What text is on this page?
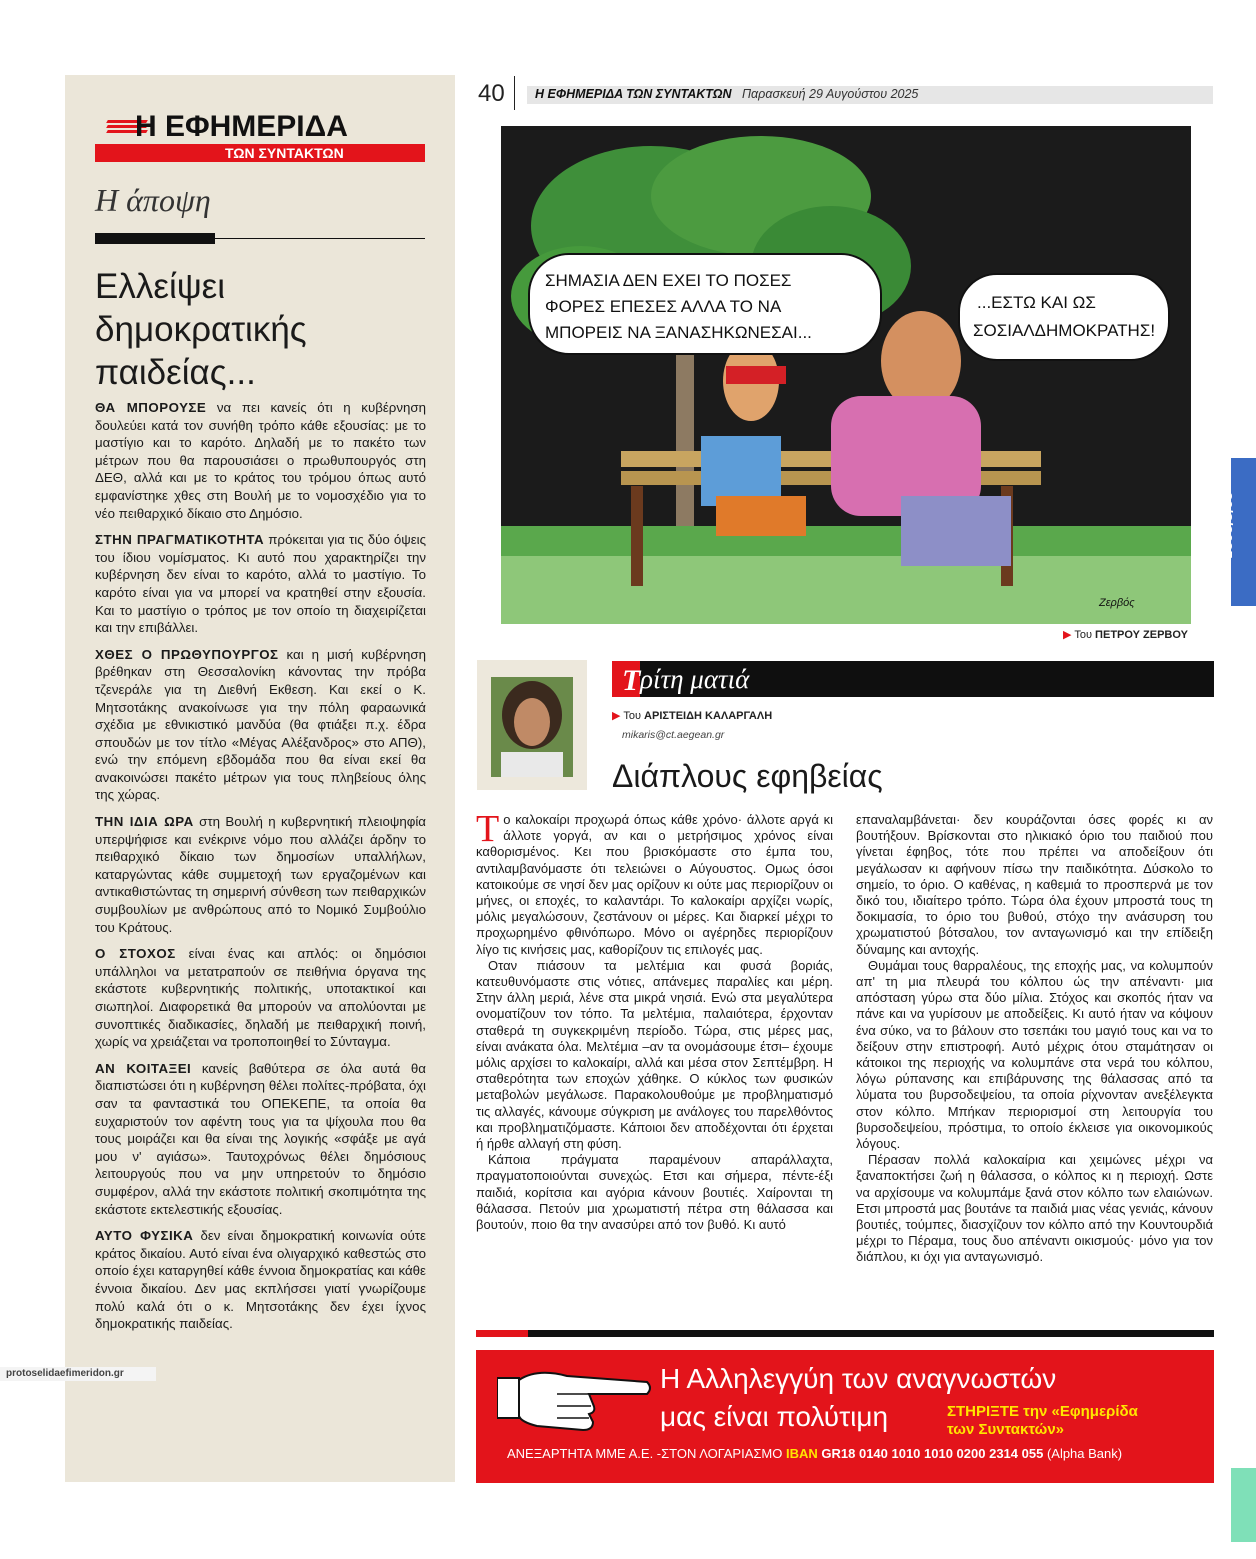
Η ΕΦΗΜΕΡΙΔΑ
ΤΩΝ ΣΥΝΤΑΚΤΩΝ
Η άποψη
Ελλείψει δημοκρατικής παιδείας...

ΘΑ ΜΠΟΡΟΥΣΕ να πει κανείς ότι η κυβέρνηση δουλεύει κατά τον συνήθη τρόπο κάθε εξουσίας: με το μαστίγιο και το καρότο. Δηλαδή με το πακέτο των μέτρων που θα παρουσιάσει ο πρωθυπουργός στη ΔΕΘ, αλλά και με το κράτος του τρόμου όπως αυτό εμφανίστηκε χθες στη Βουλή με το νομοσχέδιο για το νέο πειθαρχικό δίκαιο στο Δημόσιο.

ΣΤΗΝ ΠΡΑΓΜΑΤΙΚΟΤΗΤΑ πρόκειται για τις δύο όψεις του ίδιου νομίσματος. Κι αυτό που χαρακτηρίζει την κυβέρνηση δεν είναι το καρότο, αλλά το μαστίγιο. Το καρότο είναι για να μπορεί να κρατηθεί στην εξουσία. Και το μαστίγιο ο τρόπος με τον οποίο τη διαχειρίζεται και την επιβάλλει.

ΧΘΕΣ Ο ΠΡΩΘΥΠΟΥΡΓΟΣ και η μισή κυβέρνηση βρέθηκαν στη Θεσσαλονίκη κάνοντας την πρόβα τζενεράλε για τη Διεθνή Εκθεση. Και εκεί ο Κ. Μητσοτάκης ανακοίνωσε για την πόλη φαραωνικά σχέδια με εθνικιστικό μανδύα (θα φτιάξει π.χ. έδρα σπουδών με τον τίτλο «Μέγας Αλέξανδρος» στο ΑΠΘ), ενώ την επόμενη εβδομάδα που θα είναι εκεί θα ανακοινώσει πακέτο μέτρων για τους πληβείους όλης της χώρας.

ΤΗΝ ΙΔΙΑ ΩΡΑ στη Βουλή η κυβερνητική πλειοψηφία υπερψήφισε και ενέκρινε νόμο που αλλάζει άρδην το πειθαρχικό δίκαιο των δημοσίων υπαλλήλων, καταργώντας κάθε συμμετοχή των εργαζομένων και αντικαθιστώντας τη σημερινή σύνθεση των πειθαρχικών συμβουλίων με ανθρώπους από το Νομικό Συμβούλιο του Κράτους.

Ο ΣΤΟΧΟΣ είναι ένας και απλός: οι δημόσιοι υπάλληλοι να μετατραπούν σε πειθήνια όργανα της εκάστοτε κυβερνητικής πολιτικής, υποτακτικοί και σιωπηλοί. Διαφορετικά θα μπορούν να απολύονται με συνοπτικές διαδικασίες, δηλαδή με πειθαρχική ποινή, χωρίς να χρειάζεται να τροποποιηθεί το Σύνταγμα.

ΑΝ ΚΟΙΤΑΞΕΙ κανείς βαθύτερα σε όλα αυτά θα διαπιστώσει ότι η κυβέρνηση θέλει πολίτες-πρόβατα, όχι σαν τα φανταστικά του ΟΠΕΚΕΠΕ, τα οποία θα ευχαριστούν τον αφέντη τους για τα ψίχουλα που θα τους μοιράζει και θα είναι της λογικής «σφάξε με αγά μου ν' αγιάσω». Ταυτοχρόνως θέλει δημόσιους λειτουργούς που να μην υπηρετούν το δημόσιο συμφέρον, αλλά την εκάστοτε πολιτική σκοπιμότητα της εκάστοτε εκτελεστικής εξουσίας.

ΑΥΤΟ ΦΥΣΙΚΑ δεν είναι δημοκρατική κοινωνία ούτε κράτος δικαίου. Αυτό είναι ένα ολιγαρχικό καθεστώς στο οποίο έχει καταργηθεί κάθε έννοια δημοκρατίας και κάθε έννοια δικαίου. Δεν μας εκπλήσσει γιατί γνωρίζουμε πολύ καλά ότι ο κ. Μητσοτάκης δεν έχει ίχνος δημοκρατικής παιδείας.

protoselidaefimeridon.gr
40 Η ΕΦΗΜΕΡΙΔΑ ΤΩΝ ΣΥΝΤΑΚΤΩΝ Παρασκευή 29 Αυγούστου 2025
ΣΗΜΑΣΙΑ ΔΕΝ ΕΧΕΙ ΤΟ ΠΟΣΕΣ
ΦΟΡΕΣ ΕΠΕΣΕΣ ΑΛΛΑ ΤΟ ΝΑ
ΜΠΟΡΕΙΣ ΝΑ ΞΑΝΑΣΗΚΩΝΕΣΑΙ...
...ΕΣΤΩ ΚΑΙ ΩΣ
ΣΟΣΙΑΛΔΗΜΟΚΡΑΤΗΣ!
Ζερβός
▶ Του ΠΕΤΡΟΥ ΖΕΡΒΟΥ
29/8/2025
Τ ρίτη ματιά
▶ Του ΑΡΙΣΤΕΙΔΗ ΚΑΛΑΡΓΑΛΗ
mikaris@ct.aegean.gr
Διάπλους εφηβείας

Το καλοκαίρι προχωρά όπως κάθε χρόνο· άλλοτε αργά κι άλλοτε γοργά, αν και ο μετρήσιμος χρόνος είναι καθορισμένος. Κει που βρισκόμαστε στο έμπα του, αντιλαμβανόμαστε ότι τελειώνει ο Αύγουστος. Ομως όσοι κατοικούμε σε νησί δεν μας ορίζουν κι ούτε μας περιορίζουν οι μήνες, οι εποχές, το καλαντάρι. Το καλοκαίρι αρχίζει νωρίς, μόλις μεγαλώσουν, ζεστάνουν οι μέρες. Και διαρκεί μέχρι το προχωρημένο φθινόπωρο. Μόνο οι αγέρηδες περιορίζουν λίγο τις κινήσεις μας, καθορίζουν τις επιλογές μας.

Οταν πιάσουν τα μελτέμια και φυσά βοριάς, κατευθυνόμαστε στις νότιες, απάνεμες παραλίες και μέρη. Στην άλλη μεριά, λένε στα μικρά νησιά. Ενώ στα μεγαλύτερα ονοματίζουν τον τόπο. Τα μελτέμια, παλαιότερα, έρχονταν σταθερά τη συγκεκριμένη περίοδο. Τώρα, στις μέρες μας, είναι ανάκατα όλα. Μελτέμια –αν τα ονομάσουμε έτσι– έχουμε μόλις αρχίσει το καλοκαίρι, αλλά και μέσα στον Σεπτέμβρη. Η σταθερότητα των εποχών χάθηκε. Ο κύκλος των φυσικών μεταβολών μεγάλωσε. Παρακολουθούμε με προβληματισμό τις αλλαγές, κάνουμε σύγκριση με ανάλογες του παρελθόντος και προβληματιζόμαστε. Κάποιοι δεν αποδέχονται ότι έρχεται ή ήρθε αλλαγή στη φύση.

Κάποια πράγματα παραμένουν απαράλλαχτα, πραγματοποιούνται συνεχώς. Ετσι και σήμερα, πέντε-έξι παιδιά, κορίτσια και αγόρια κάνουν βουτιές. Χαίρονται τη θάλασσα. Πετούν μια χρωματιστή πέτρα στη θάλασσα και βουτούν, ποιο θα την ανασύρει από τον βυθό. Κι αυτό

επαναλαμβάνεται· δεν κουράζονται όσες φορές κι αν βουτήξουν. Βρίσκονται στο ηλικιακό όριο του παιδιού που γίνεται έφηβος, τότε που πρέπει να αποδείξουν ότι μεγάλωσαν κι αφήνουν πίσω την παιδικότητα. Δύσκολο το σημείο, το όριο. Ο καθένας, η καθεμιά το προσπερνά με τον δικό του, ιδιαίτερο τρόπο. Τώρα όλα έχουν μπροστά τους τη δοκιμασία, το όριο του βυθού, στόχο την ανάσυρση του χρωματιστού βότσαλου, τον ανταγωνισμό και την επίδειξη δύναμης και αντοχής.

Θυμάμαι τους θαρραλέους, της εποχής μας, να κολυμπούν απ' τη μια πλευρά του κόλπου ώς την απέναντι· μια απόσταση γύρω στα δύο μίλια. Στόχος και σκοπός ήταν να πάνε και να γυρίσουν με αποδείξεις. Κι αυτό ήταν να κόψουν ένα σύκο, να το βάλουν στο τσεπάκι του μαγιό τους και να το δείξουν στην επιστροφή. Αυτό μέχρις ότου σταμάτησαν οι κάτοικοι της περιοχής να κολυμπάνε στα νερά του κόλπου, λόγω ρύπανσης και επιβάρυνσης της θάλασσας από τα λύματα του βυρσοδεψείου, τα οποία ρίχνονταν ανεξέλεγκτα στον κόλπο. Μπήκαν περιορισμοί στη λειτουργία του βυρσοδεψείου, πρόστιμα, το οποίο έκλεισε για οικονομικούς λόγους.

Πέρασαν πολλά καλοκαίρια και χειμώνες μέχρι να ξαναποκτήσει ζωή η θάλασσα, ο κόλπος κι η περιοχή. Ωστε να αρχίσουμε να κολυμπάμε ξανά στον κόλπο των ελαιώνων. Ετσι μπροστά μας βουτάνε τα παιδιά μιας νέας γενιάς, κάνουν βουτιές, τούμπες, διασχίζουν τον κόλπο από την Κουντουρδιά μέχρι το Πέραμα, τους δυο απέναντι οικισμούς· μόνο για τον διάπλου, κι όχι για ανταγωνισμό.

Η Αλληλεγγύη των αναγνωστών
μας είναι πολύτιμη	ΣΤΗΡΙΞΤΕ την «Εφημερίδα
των Συντακτών»
ΑΝΕΞΑΡΤΗΤΑ ΜΜΕ Α.Ε. -ΣΤΟΝ ΛΟΓΑΡΙΑΣΜΟ IBAN GR18 0140 1010 1010 0200 2314 055 (Alpha Bank)
